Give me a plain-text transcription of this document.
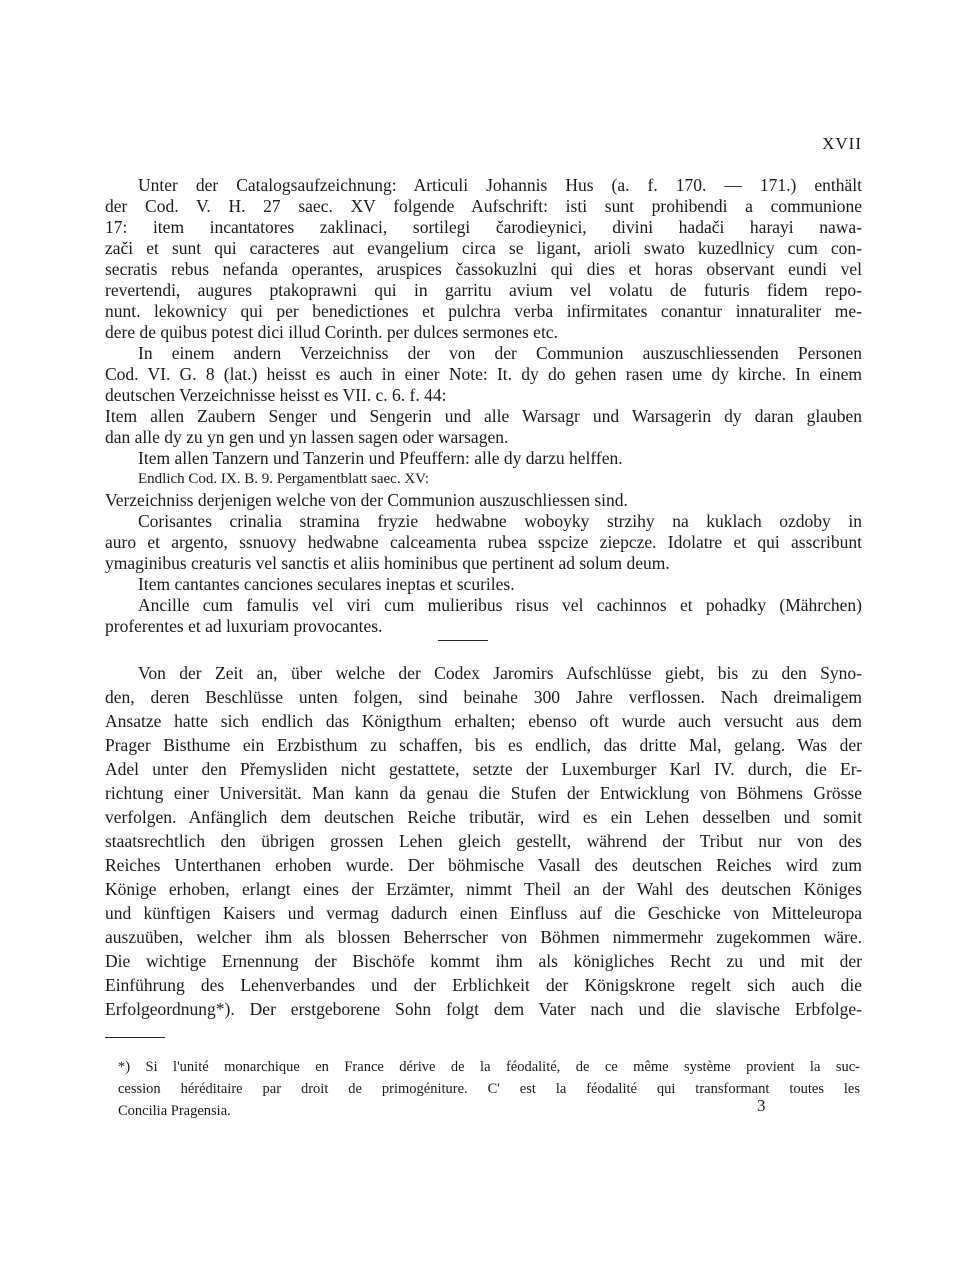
XVII
Unter der Catalogsaufzeichnung: Articuli Johannis Hus (a. f. 170. — 171.) enthält
der Cod. V. H. 27 saec. XV folgende Aufschrift: isti sunt prohibendi a communione
17: item incantatores zaklinaci, sortilegi čarodieynici, divini hadači harayi nawa-
zači et sunt qui caracteres aut evangelium circa se ligant, arioli swato kuzedlnicy cum con-
secratis rebus nefanda operantes, aruspices čassokuzlni qui dies et horas observant eundi vel
revertendi, augures ptakoprawni qui in garritu avium vel volatu de futuris fidem repo-
nunt. lekownicy qui per benedictiones et pulchra verba infirmitates conantur innaturaliter me-
dere de quibus potest dici illud Corinth. per dulces sermones etc.
In einem andern Verzeichniss der von der Communion auszuschliessenden Personen
Cod. VI. G. 8 (lat.) heisst es auch in einer Note: It. dy do gehen rasen ume dy kirche. In einem
deutschen Verzeichnisse heisst es VII. c. 6. f. 44:
Item allen Zaubern Senger und Sengerin und alle Warsagr und Warsagerin dy daran glauben
dan alle dy zu yn gen und yn lassen sagen oder warsagen.
Item allen Tanzern und Tanzerin und Pfeuffern: alle dy darzu helffen.
Endlich Cod. IX. B. 9. Pergamentblatt saec. XV:
Verzeichniss derjenigen welche von der Communion auszuschliessen sind.
Corisantes crinalia stramina fryzie hedwabne woboyky strzihy na kuklach ozdoby in
auro et argento, ssnuovy hedwabne calceamenta rubea sspcize ziepcze. Idolatre et qui asscribunt
ymaginibus creaturis vel sanctis et aliis hominibus que pertinent ad solum deum.
Item cantantes canciones seculares ineptas et scuriles.
Ancille cum famulis vel viri cum mulieribus risus vel cachinnos et pohadky (Mährchen)
proferentes et ad luxuriam provocantes.
Von der Zeit an, über welche der Codex Jaromirs Aufschlüsse giebt, bis zu den Syno-
den, deren Beschlüsse unten folgen, sind beinahe 300 Jahre verflossen. Nach dreimaligem
Ansatze hatte sich endlich das Königthum erhalten; ebenso oft wurde auch versucht aus dem
Prager Bisthume ein Erzbisthum zu schaffen, bis es endlich, das dritte Mal, gelang. Was der
Adel unter den Přemysliden nicht gestattete, setzte der Luxemburger Karl IV. durch, die Er-
richtung einer Universität. Man kann da genau die Stufen der Entwicklung von Böhmens Grösse
verfolgen. Anfänglich dem deutschen Reiche tributär, wird es ein Lehen desselben und somit
staatsrechtlich den übrigen grossen Lehen gleich gestellt, während der Tribut nur von des
Reiches Unterthanen erhoben wurde. Der böhmische Vasall des deutschen Reiches wird zum
Könige erhoben, erlangt eines der Erzämter, nimmt Theil an der Wahl des deutschen Königes
und künftigen Kaisers und vermag dadurch einen Einfluss auf die Geschicke von Mitteleuropa
auszuüben, welcher ihm als blossen Beherrscher von Böhmen nimmermehr zugekommen wäre.
Die wichtige Ernennung der Bischöfe kommt ihm als königliches Recht zu und mit der
Einführung des Lehenverbandes und der Erblichkeit der Königskrone regelt sich auch die
Erfolgeordnung*). Der erstgeborene Sohn folgt dem Vater nach und die slavische Erbfolge-
*) Si l'unité monarchique en France dérive de la féodalité, de ce même système provient la suc-
cession héréditaire par droit de primogéniture. C' est la féodalité qui transformant toutes les
Concilia Pragensia.	3
